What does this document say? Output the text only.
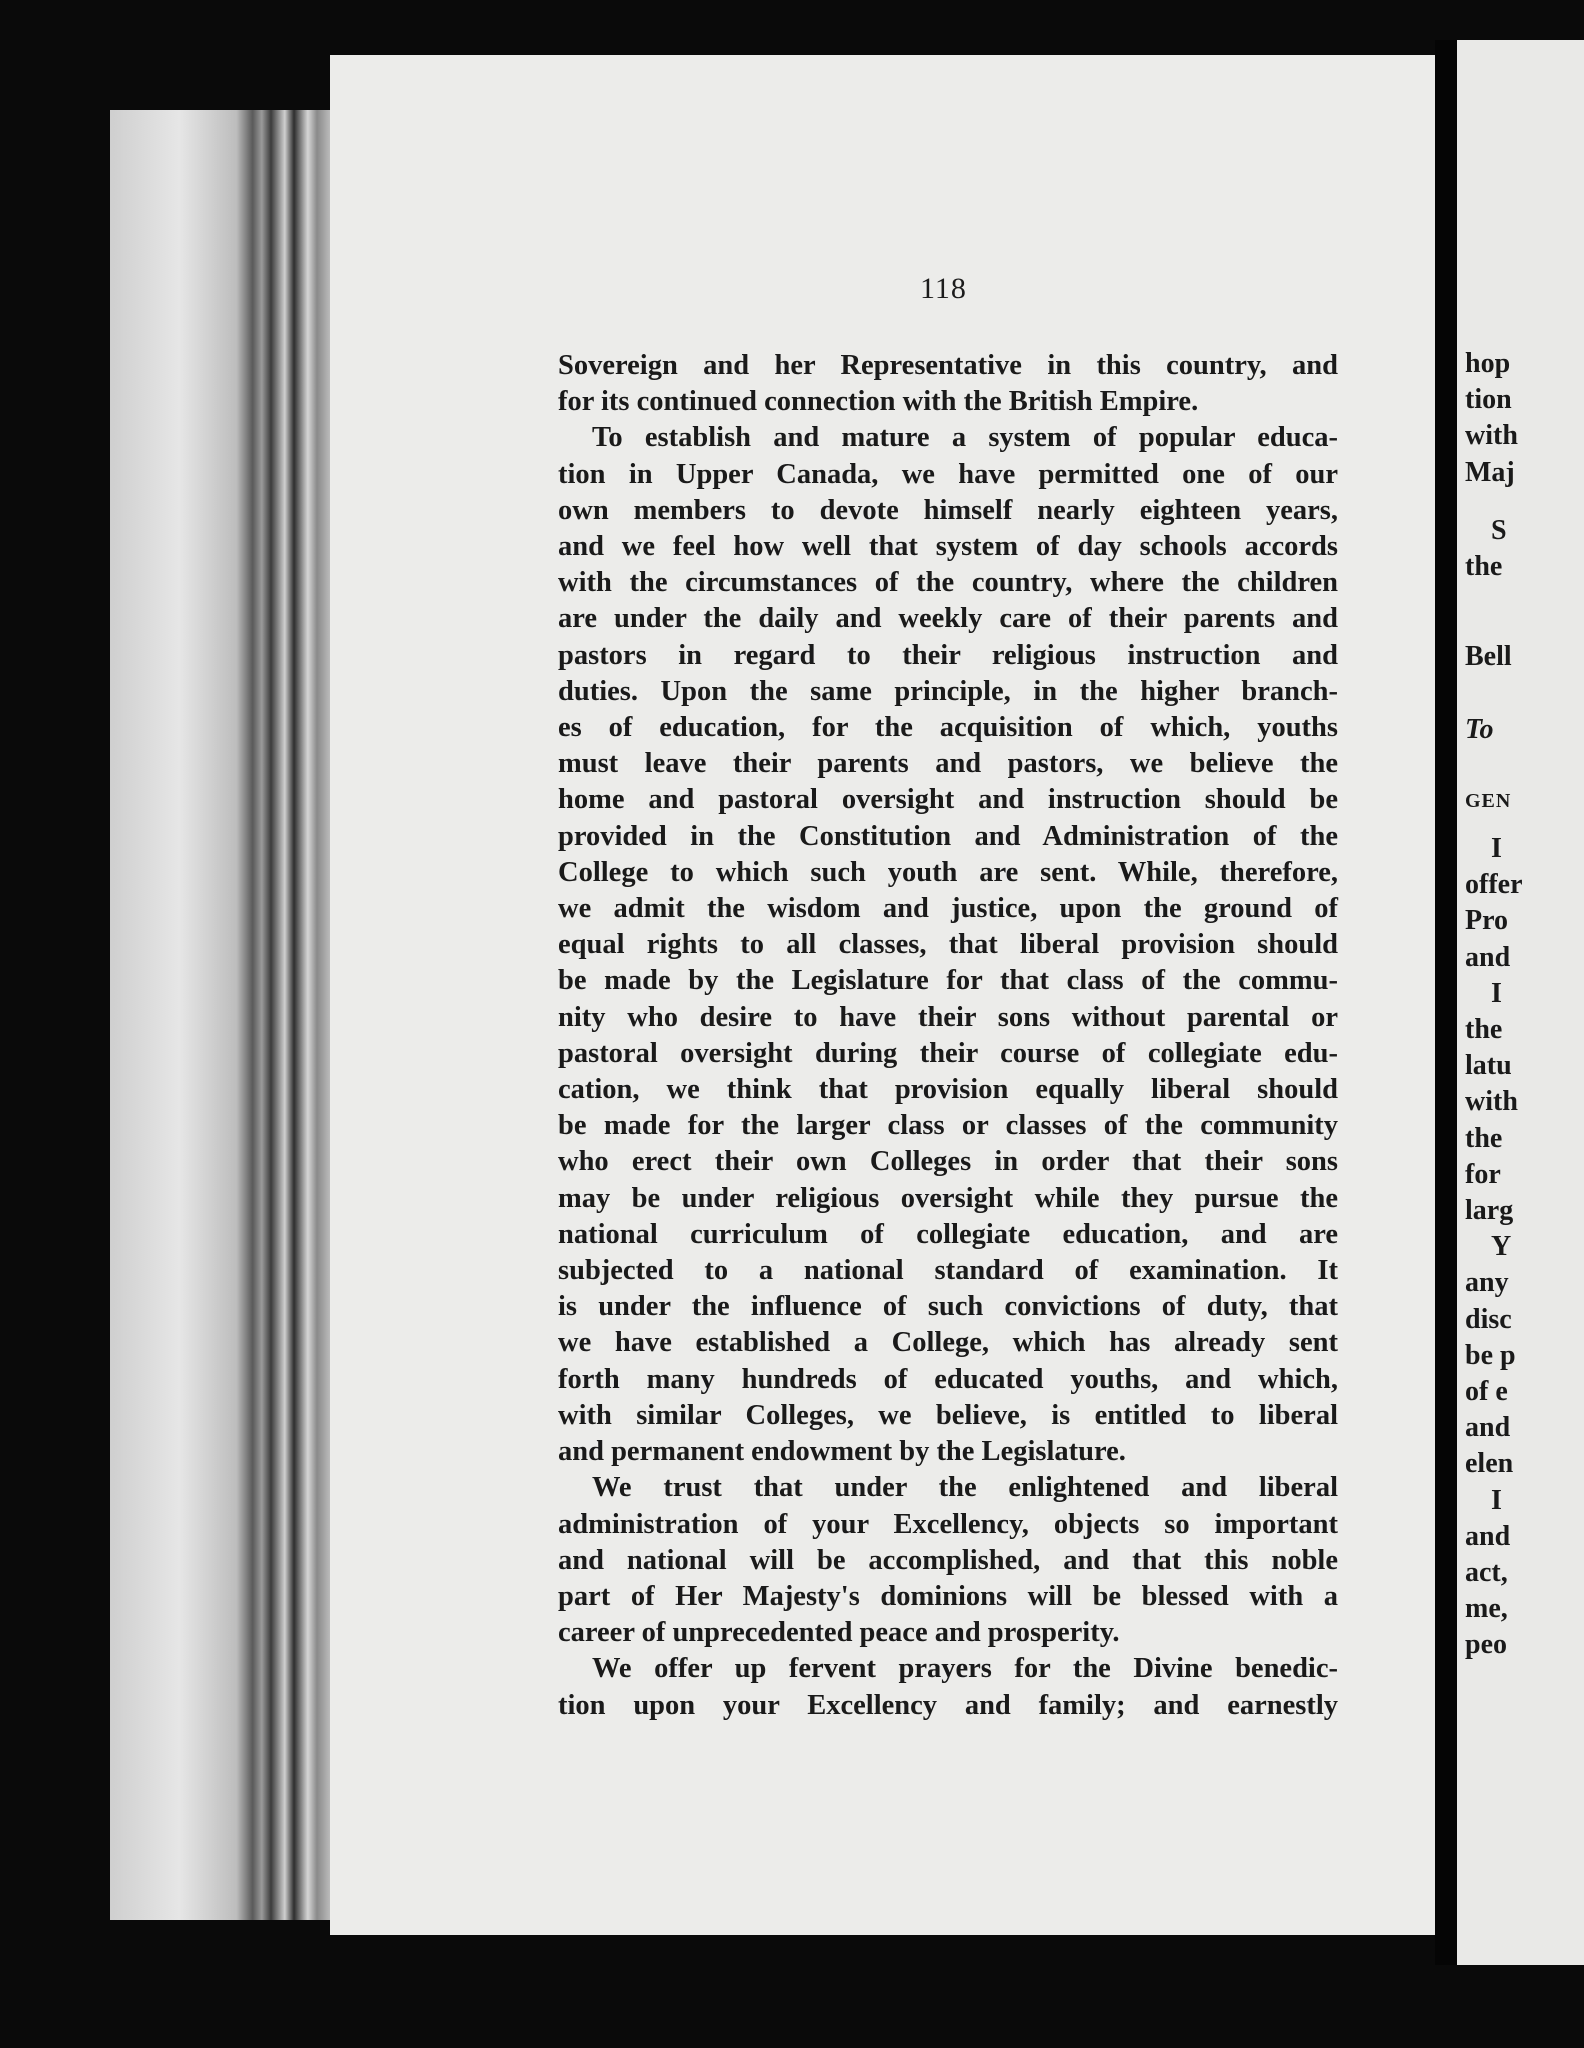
hop
tion
with
Maj
S
the
Bell
To
GEN
I
offer
Pro
and
I
the
latu
with
the
for
larg
Y
any
disc
be p
of e
and
elen
I
and
act,
me,
peo
118
Sovereign and her Representative in this country, and
for its continued connection with the British Empire.
To establish and mature a system of popular educa-
tion in Upper Canada, we have permitted one of our
own members to devote himself nearly eighteen years,
and we feel how well that system of day schools accords
with the circumstances of the country, where the children
are under the daily and weekly care of their parents and
pastors in regard to their religious instruction and
duties. Upon the same principle, in the higher branch-
es of education, for the acquisition of which, youths
must leave their parents and pastors, we believe the
home and pastoral oversight and instruction should be
provided in the Constitution and Administration of the
College to which such youth are sent. While, therefore,
we admit the wisdom and justice, upon the ground of
equal rights to all classes, that liberal provision should
be made by the Legislature for that class of the commu-
nity who desire to have their sons without parental or
pastoral oversight during their course of collegiate edu-
cation, we think that provision equally liberal should
be made for the larger class or classes of the community
who erect their own Colleges in order that their sons
may be under religious oversight while they pursue the
national curriculum of collegiate education, and are
subjected to a national standard of examination. It
is under the influence of such convictions of duty, that
we have established a College, which has already sent
forth many hundreds of educated youths, and which,
with similar Colleges, we believe, is entitled to liberal
and permanent endowment by the Legislature.
We trust that under the enlightened and liberal
administration of your Excellency, objects so important
and national will be accomplished, and that this noble
part of Her Majesty's dominions will be blessed with a
career of unprecedented peace and prosperity.
We offer up fervent prayers for the Divine benedic-
tion upon your Excellency and family; and earnestly
